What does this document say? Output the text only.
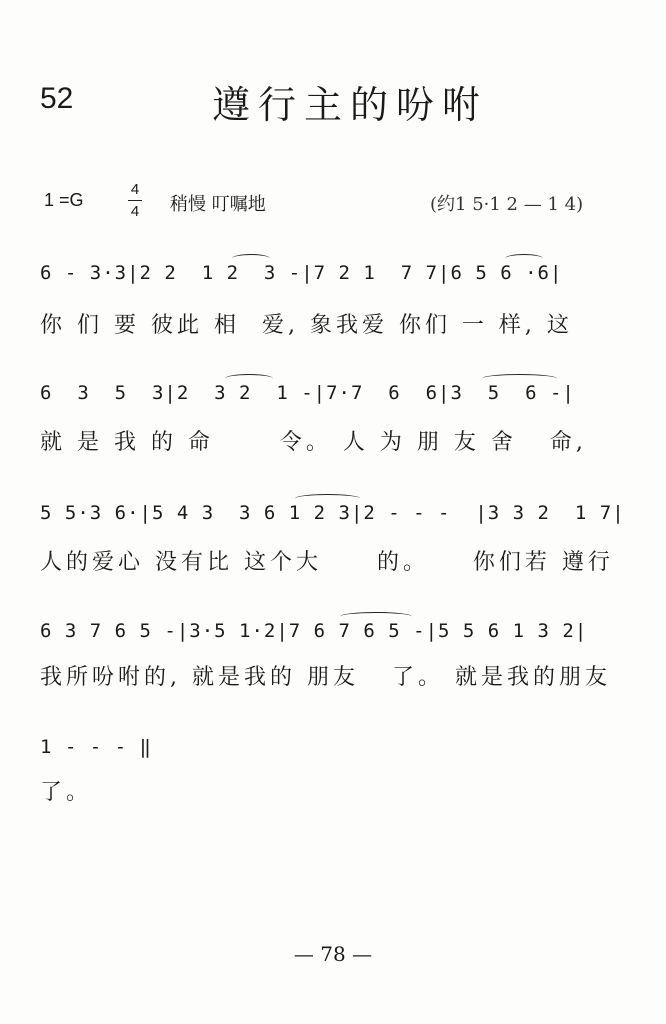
52	遵行主的吩咐
1 =G
4
4	稍慢 叮嘱地	(约1 5·1 2 — 1 4)
6 - 3·3|2 2  1 2  3 -|7 2 1  7 7|6 5 6 ·6|
你 们 要 彼此 相  爱, 象我爱 你们 一 样, 这
6  3  5  3|2  3 2  1 -|7·7  6  6|3  5  6 -|
就 是 我 的 命      令。 人 为 朋 友 舍   命,
5 5·3 6·|5 4 3  3 6 1 2 3|2 - - -  |3 3 2  1 7|
人的爱心 没有比 这个大     的。    你们若 遵行
6 3 7 6 5 -|3·5 1·2|7 6 7 6 5 -|5 5 6 1 3 2|
我所吩咐的, 就是我的 朋友   了。 就是我的朋友
1 - - - ‖
了。
— 78 —
